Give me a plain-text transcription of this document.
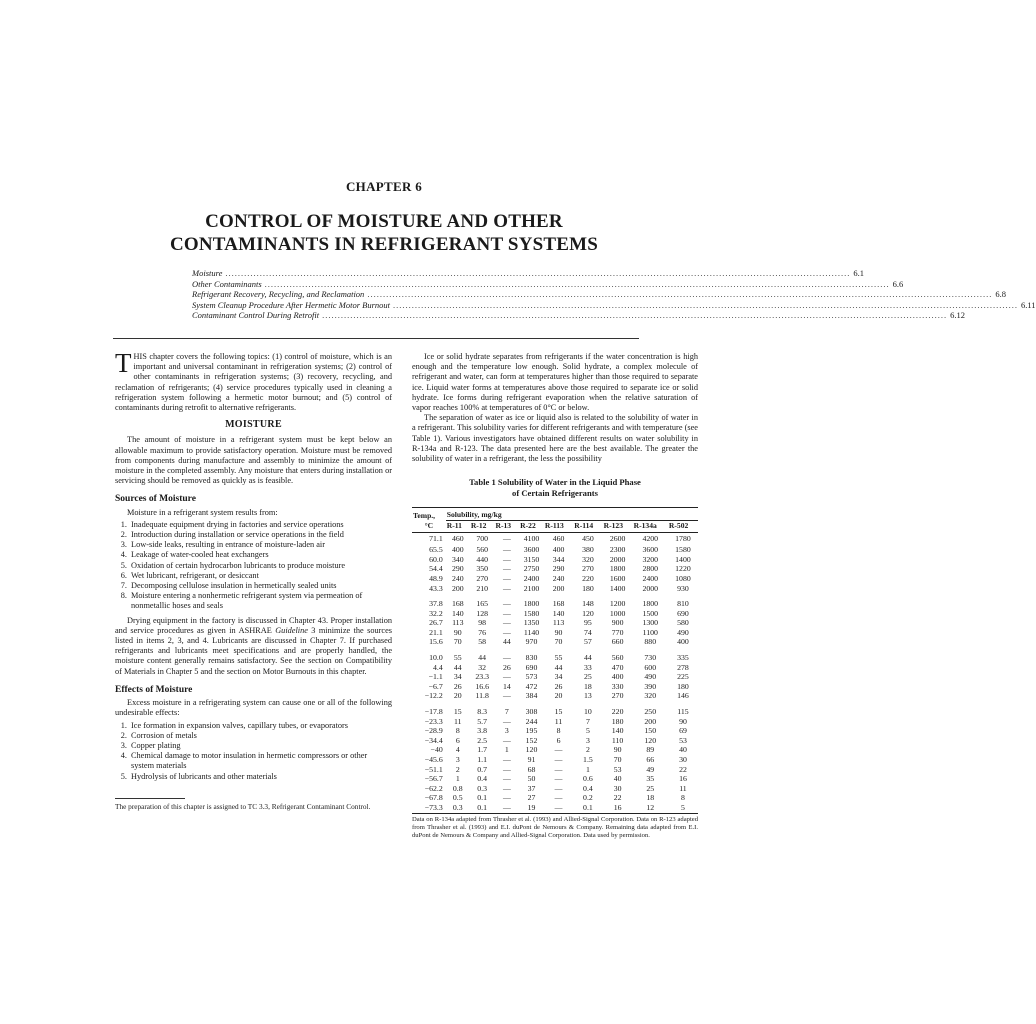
CHAPTER 6
CONTROL OF MOISTURE AND OTHER
CONTAMINANTS IN REFRIGERANT SYSTEMS
Moisture ........................................................................................................................................................................................................ 6.1
Other Contaminants ........................................................................................................................................................................................................ 6.6
Refrigerant Recovery, Recycling, and Reclamation ........................................................................................................................................................................................................ 6.8
System Cleanup Procedure After Hermetic Motor Burnout ........................................................................................................................................................................................................ 6.11
Contaminant Control During Retrofit ........................................................................................................................................................................................................ 6.12

THIS chapter covers the following topics: (1) control of moisture, which is an important and universal contaminant in refrigeration systems; (2) control of other contaminants in refrigeration systems; (3) recovery, recycling, and reclamation of refrigerants; (4) service procedures typically used in cleaning a refrigeration system following a hermetic motor burnout; and (5) control of contaminants during retrofit to alternative refrigerants.

MOISTURE

The amount of moisture in a refrigerant system must be kept below an allowable maximum to provide satisfactory operation. Moisture must be removed from components during manufacture and assembly to minimize the amount of moisture in the completed assembly. Any moisture that enters during installation or servicing should be removed as quickly as is feasible.

Sources of Moisture

Moisture in a refrigerant system results from:

1. Inadequate equipment drying in factories and service operations
2. Introduction during installation or service operations in the field
3. Low-side leaks, resulting in entrance of moisture-laden air
4. Leakage of water-cooled heat exchangers
5. Oxidation of certain hydrocarbon lubricants to produce moisture
6. Wet lubricant, refrigerant, or desiccant
7. Decomposing cellulose insulation in hermetically sealed units
8. Moisture entering a nonhermetic refrigerant system via permeation of nonmetallic hoses and seals

Drying equipment in the factory is discussed in Chapter 43. Proper installation and service procedures as given in ASHRAE Guideline 3 minimize the sources listed in items 2, 3, and 4. Lubricants are discussed in Chapter 7. If purchased refrigerants and lubricants meet specifications and are properly handled, the moisture content generally remains satisfactory. See the section on Compatibility of Materials in Chapter 5 and the section on Motor Burnouts in this chapter.

Effects of Moisture

Excess moisture in a refrigerating system can cause one or all of the following undesirable effects:

1. Ice formation in expansion valves, capillary tubes, or evaporators
2. Corrosion of metals
3. Copper plating
4. Chemical damage to motor insulation in hermetic compressors or other system materials
5. Hydrolysis of lubricants and other materials

The preparation of this chapter is assigned to TC 3.3, Refrigerant Contaminant Control.

Ice or solid hydrate separates from refrigerants if the water concentration is high enough and the temperature low enough. Solid hydrate, a complex molecule of refrigerant and water, can form at temperatures higher than those required to separate ice. Liquid water forms at temperatures above those required to separate ice or solid hydrate. Ice forms during refrigerant evaporation when the relative saturation of vapor reaches 100% at temperatures of 0°C or below.

The separation of water as ice or liquid also is related to the solubility of water in a refrigerant. This solubility varies for different refrigerants and with temperature (see Table 1). Various investigators have obtained different results on water solubility in R-134a and R-123. The data presented here are the best available. The greater the solubility of water in a refrigerant, the less the possibility

Table 1 Solubility of Water in the Liquid Phase
of Certain Refrigerants
Temp.,
°C	Solubility, mg/kg								
	R-11	R-12	R-13	R-22	R-113	R-114	R-123	R-134a	R-502
71.1	460	700	—	4100	460	450	2600	4200	1780
65.5	400	560	—	3600	400	380	2300	3600	1580
60.0	340	440	—	3150	344	320	2000	3200	1400
54.4	290	350	—	2750	290	270	1800	2800	1220
48.9	240	270	—	2400	240	220	1600	2400	1080
43.3	200	210	—	2100	200	180	1400	2000	930

37.8	168	165	—	1800	168	148	1200	1800	810
32.2	140	128	—	1580	140	120	1000	1500	690
26.7	113	98	—	1350	113	95	900	1300	580
21.1	90	76	—	1140	90	74	770	1100	490
15.6	70	58	44	970	70	57	660	880	400

10.0	55	44	—	830	55	44	560	730	335
4.4	44	32	26	690	44	33	470	600	278
−1.1	34	23.3	—	573	34	25	400	490	225
−6.7	26	16.6	14	472	26	18	330	390	180
−12.2	20	11.8	—	384	20	13	270	320	146

−17.8	15	8.3	7	308	15	10	220	250	115
−23.3	11	5.7	—	244	11	7	180	200	90
−28.9	8	3.8	3	195	8	5	140	150	69
−34.4	6	2.5	—	152	6	3	110	120	53
−40	4	1.7	1	120	—	2	90	89	40
−45.6	3	1.1	—	91	—	1.5	70	66	30
−51.1	2	0.7	—	68	—	1	53	49	22
−56.7	1	0.4	—	50	—	0.6	40	35	16
−62.2	0.8	0.3	—	37	—	0.4	30	25	11
−67.8	0.5	0.1	—	27	—	0.2	22	18	8
−73.3	0.3	0.1	—	19	—	0.1	16	12	5

Data on R-134a adapted from Thrasher et al. (1993) and Allied-Signal Corporation. Data on R-123 adapted from Thrasher et al. (1993) and E.I. duPont de Nemours & Company. Remaining data adapted from E.I. duPont de Nemours & Company and Allied-Signal Corporation. Data used by permission.
